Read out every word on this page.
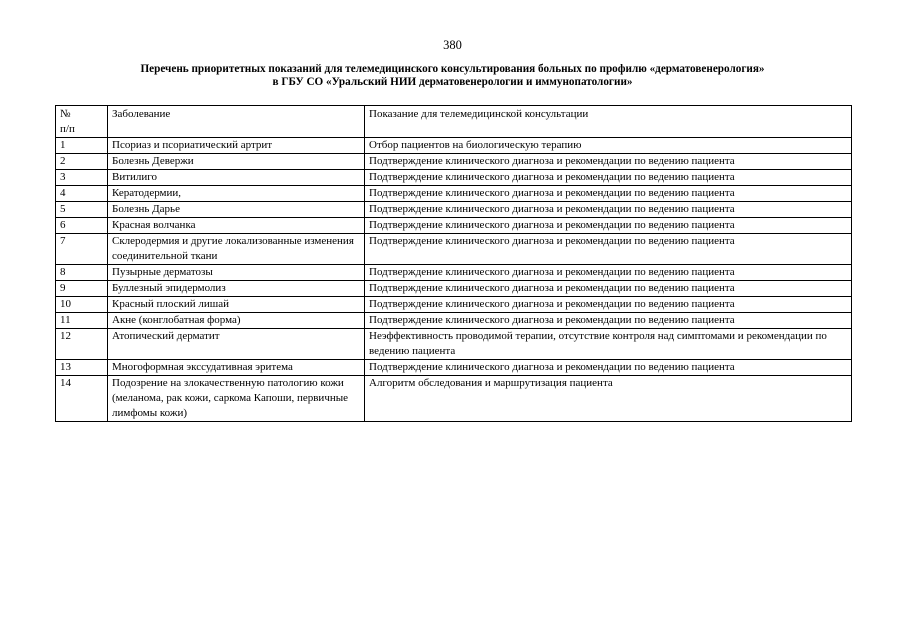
380
Перечень приоритетных показаний для телемедицинского консультирования больных по профилю «дерматовенерология»
в ГБУ СО «Уральский НИИ дерматовенерологии и иммунопатологии»
№
п/п	Заболевание	Показание для телемедицинской консультации
1	Псориаз и псориатический артрит	Отбор пациентов на биологическую терапию
2	Болезнь Девержи	Подтверждение клинического диагноза и рекомендации по ведению пациента
3	Витилиго	Подтверждение клинического диагноза и рекомендации по ведению пациента
4	Кератодермии,	Подтверждение клинического диагноза и рекомендации по ведению пациента
5	Болезнь Дарье	Подтверждение клинического диагноза и рекомендации по ведению пациента
6	Красная волчанка	Подтверждение клинического диагноза и рекомендации по ведению пациента
7	Склеродермия и другие локализованные изменения соединительной ткани	Подтверждение клинического диагноза и рекомендации по ведению пациента
8	Пузырные дерматозы	Подтверждение клинического диагноза и рекомендации по ведению пациента
9	Буллезный эпидермолиз	Подтверждение клинического диагноза и рекомендации по ведению пациента
10	Красный плоский лишай	Подтверждение клинического диагноза и рекомендации по ведению пациента
11	Акне (конглобатная форма)	Подтверждение клинического диагноза и рекомендации по ведению пациента
12	Атопический дерматит	Неэффективность проводимой терапии, отсутствие контроля над симптомами и рекомендации по ведению пациента
13	Многоформная экссудативная эритема	Подтверждение клинического диагноза и рекомендации по ведению пациента
14	Подозрение на злокачественную патологию кожи (меланома, рак кожи, саркома Капоши, первичные лимфомы кожи)	Алгоритм обследования и маршрутизация пациента
